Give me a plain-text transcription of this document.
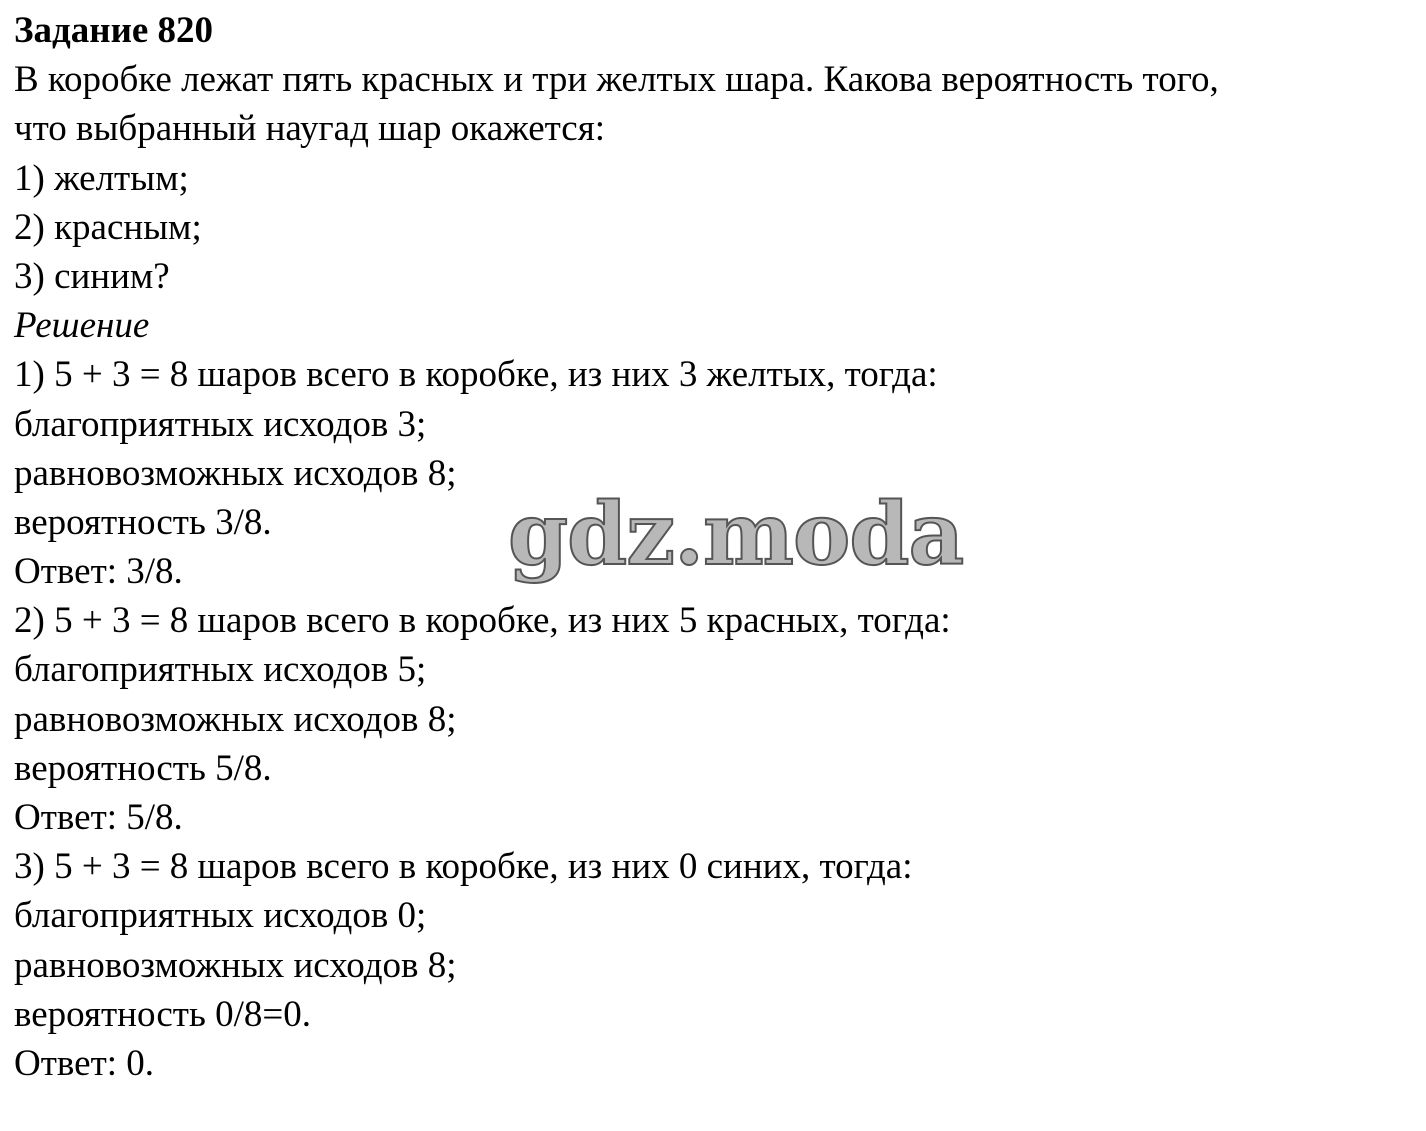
Задание 820
В коробке лежат пять красных и три желтых шара. Какова вероятность того,
что выбранный наугад шар окажется:
1) желтым;
2) красным;
3) синим?
Решение
1) 5 + 3 = 8 шаров всего в коробке, из них 3 желтых, тогда:
благоприятных исходов 3;
равновозможных исходов 8;
вероятность 3/8.
Ответ: 3/8.
2) 5 + 3 = 8 шаров всего в коробке, из них 5 красных, тогда:
благоприятных исходов 5;
равновозможных исходов 8;
вероятность 5/8.
Ответ: 5/8.
3) 5 + 3 = 8 шаров всего в коробке, из них 0 синих, тогда:
благоприятных исходов 0;
равновозможных исходов 8;
вероятность 0/8=0.
Ответ: 0.
gdz.moda
